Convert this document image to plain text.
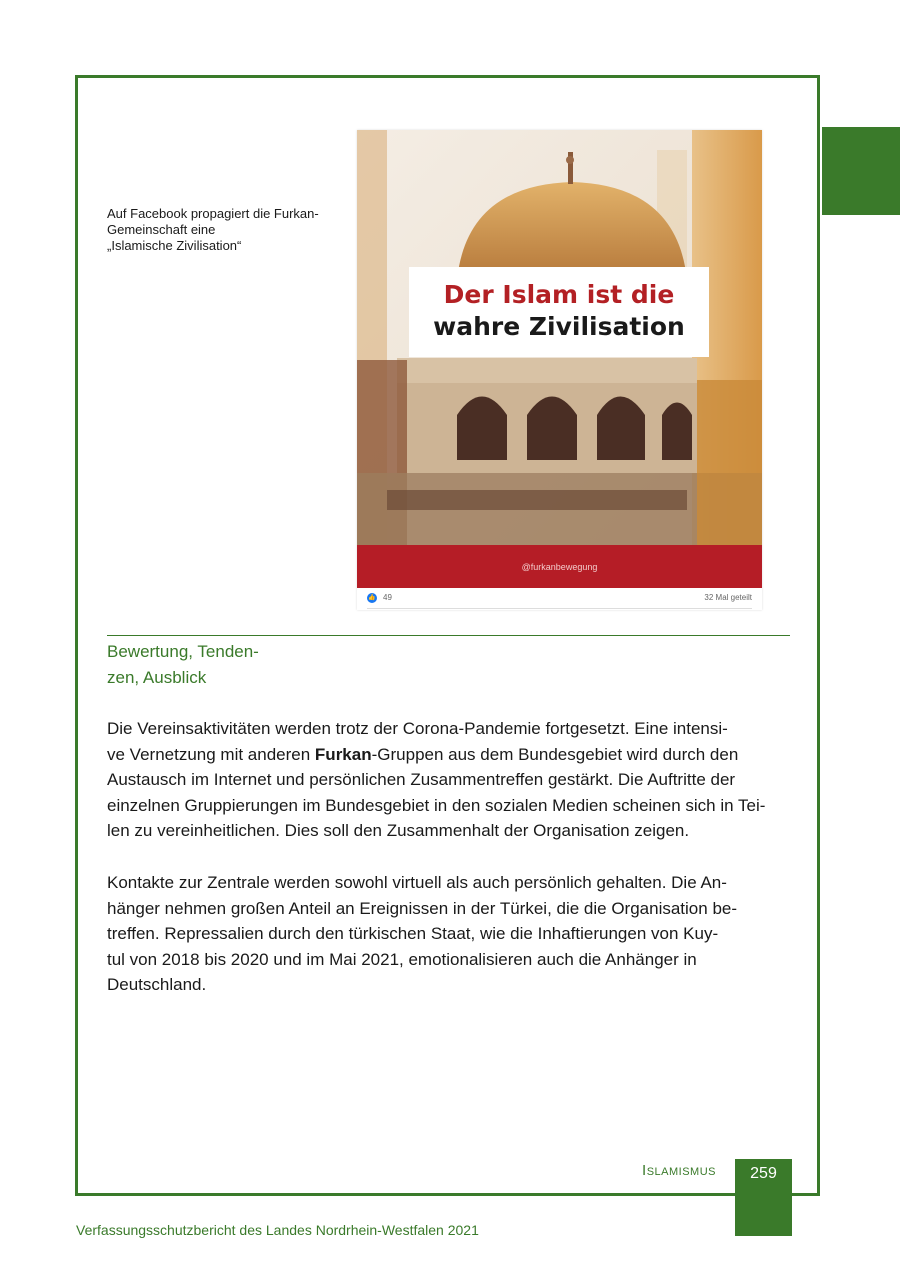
Auf Facebook propagiert die Furkan-
Gemeinschaft eine
„Islamische Zivilisation“
Der Islam ist die
wahre Zivilisation
@furkanbewegung
👍 49	32 Mal geteilt
Bewertung, Tenden-
zen, Ausblick
Die Vereinsaktivitäten werden trotz der Corona-Pandemie fortgesetzt. Eine intensi-
ve Vernetzung mit anderen Furkan-Gruppen aus dem Bundesgebiet wird durch den
Austausch im Internet und persönlichen Zusammentreffen gestärkt. Die Auftritte der
einzelnen Gruppierungen im Bundesgebiet in den sozialen Medien scheinen sich in Tei-
len zu vereinheitlichen. Dies soll den Zusammenhalt der Organisation zeigen.
Kontakte zur Zentrale werden sowohl virtuell als auch persönlich gehalten. Die An-
hänger nehmen großen Anteil an Ereignissen in der Türkei, die die Organisation be-
treffen. Repressalien durch den türkischen Staat, wie die Inhaftierungen von Kuy-
tul von 2018 bis 2020 und im Mai 2021, emotionalisieren auch die Anhänger in
Deutschland.
Islamismus	259
Verfassungsschutzbericht des Landes Nordrhein-Westfalen 2021
